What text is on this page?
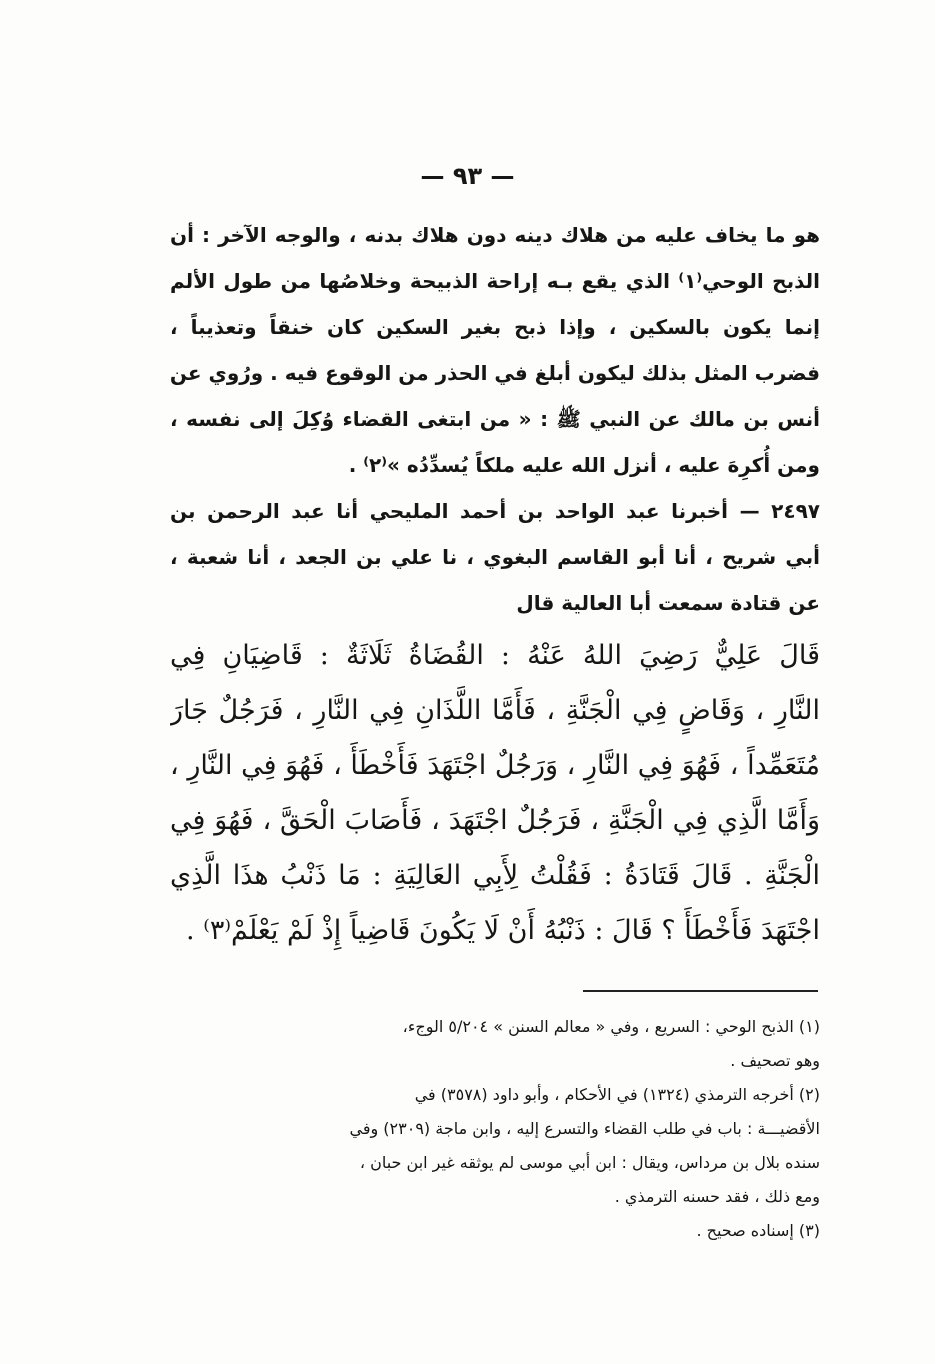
— ٩٣ —
هو ما يخاف عليه من هلاك دينه دون هلاك بدنه ، والوجه الآخر : أن
الذبح الوحي‌⁽١⁾ الذي يقع بـه إراحة الذبيحة وخلاصُها من طول الألم
إنما يكون بالسكين ، وإذا ذبح بغير السكين كان خنقاً وتعذيباً ،
فضرب المثل بذلك ليكون أبلغ في الحذر من الوقوع فيه . ورُوي عن
أنس بن مالك عن النبي ﷺ : « من ابتغى القضاء وُكِلَ إلى نفسه ،
ومن أُكرِهَ عليه ، أنزل الله عليه ملكاً يُسدِّدُه »⁽٢⁾ .
٢٤٩٧ — أخبرنا عبد الواحد بن أحمد المليحي أنا عبد الرحمن بن
أبي شريح ، أنا أبو القاسم البغوي ، نا علي بن الجعد ، أنا شعبة ،
عن قتادة سمعت أبا العالية قال
قَالَ عَلِيٌّ رَضِيَ اللهُ عَنْهُ : القُضَاةُ ثَلَاثَةٌ : قَاضِيَانِ فِي
النَّارِ ، وَقَاضٍ فِي الْجَنَّةِ ، فَأَمَّا اللَّذَانِ فِي النَّارِ ، فَرَجُلٌ جَارَ
مُتَعَمِّداً ، فَهُوَ فِي النَّارِ ، وَرَجُلٌ اجْتَهَدَ فَأَخْطَأَ ، فَهُوَ فِي النَّارِ ،
وَأَمَّا الَّذِي فِي الْجَنَّةِ ، فَرَجُلٌ اجْتَهَدَ ، فَأَصَابَ الْحَقَّ ، فَهُوَ فِي
الْجَنَّةِ . قَالَ قَتَادَةُ : فَقُلْتُ لِأَبِي العَالِيَةِ : مَا ذَنْبُ هذَا الَّذِي
اجْتَهَدَ فَأَخْطَأَ ؟ قَالَ : ذَنْبُهُ أَنْ لَا يَكُونَ قَاضِياً إِذْ لَمْ يَعْلَمْ⁽٣⁾ .
(١) الذبح الوحي : السريع ، وفي « معالم السنن » ٥/٢٠٤ الوجء،
وهو تصحيف .
(٢) أخرجه الترمذي (١٣٢٤) في الأحكام ، وأبو داود (٣٥٧٨) في
الأقضيـــة : باب في طلب القضاء والتسرع إليه ، وابن ماجة (٢٣٠٩) وفي
سنده بلال بن مرداس، ويقال : ابن أبي موسى لم يوثقه غير ابن حبان ،
ومع ذلك ، فقد حسنه الترمذي .
(٣) إسناده صحيح .
